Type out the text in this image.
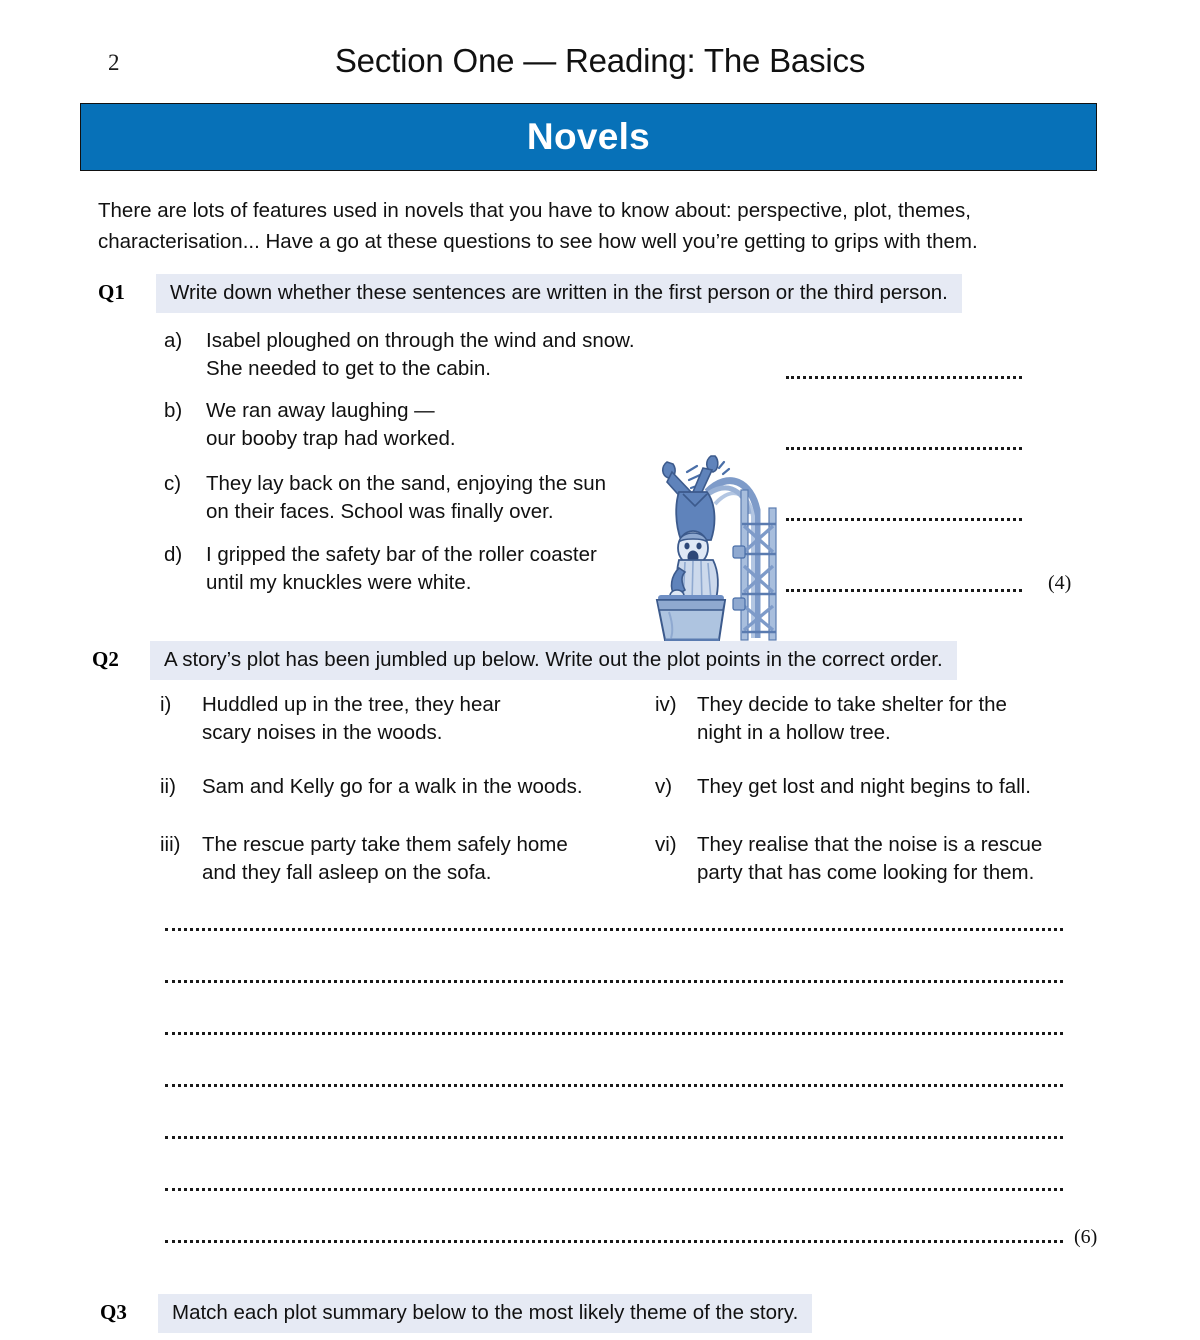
2	Section One — Reading: The Basics
Novels
There are lots of features used in novels that you have to know about: perspective, plot, themes, characterisation... Have a go at these questions to see how well you’re getting to grips with them.
Q1	Write down whether these sentences are written in the first person or the third person.
a)	Isabel ploughed on through the wind and snow.
She needed to get to the cabin.
b)	We ran away laughing —
our booby trap had worked.
c)	They lay back on the sand, enjoying the sun
on their faces. School was finally over.
d)	I gripped the safety bar of the roller coaster
until my knuckles were white.	(4)
Q2	A story’s plot has been jumbled up below. Write out the plot points in the correct order.
i)	Huddled up in the tree, they hear
scary noises in the woods.
ii)	Sam and Kelly go for a walk in the woods.
iii)	The rescue party take them safely home
and they fall asleep on the sofa.
iv) They decide to take shelter for the
night in a hollow tree.
v)	They get lost and night begins to fall.
vi) They realise that the noise is a rescue
party that has come looking for them.
(6)
Q3	Match each plot summary below to the most likely theme of the story.
